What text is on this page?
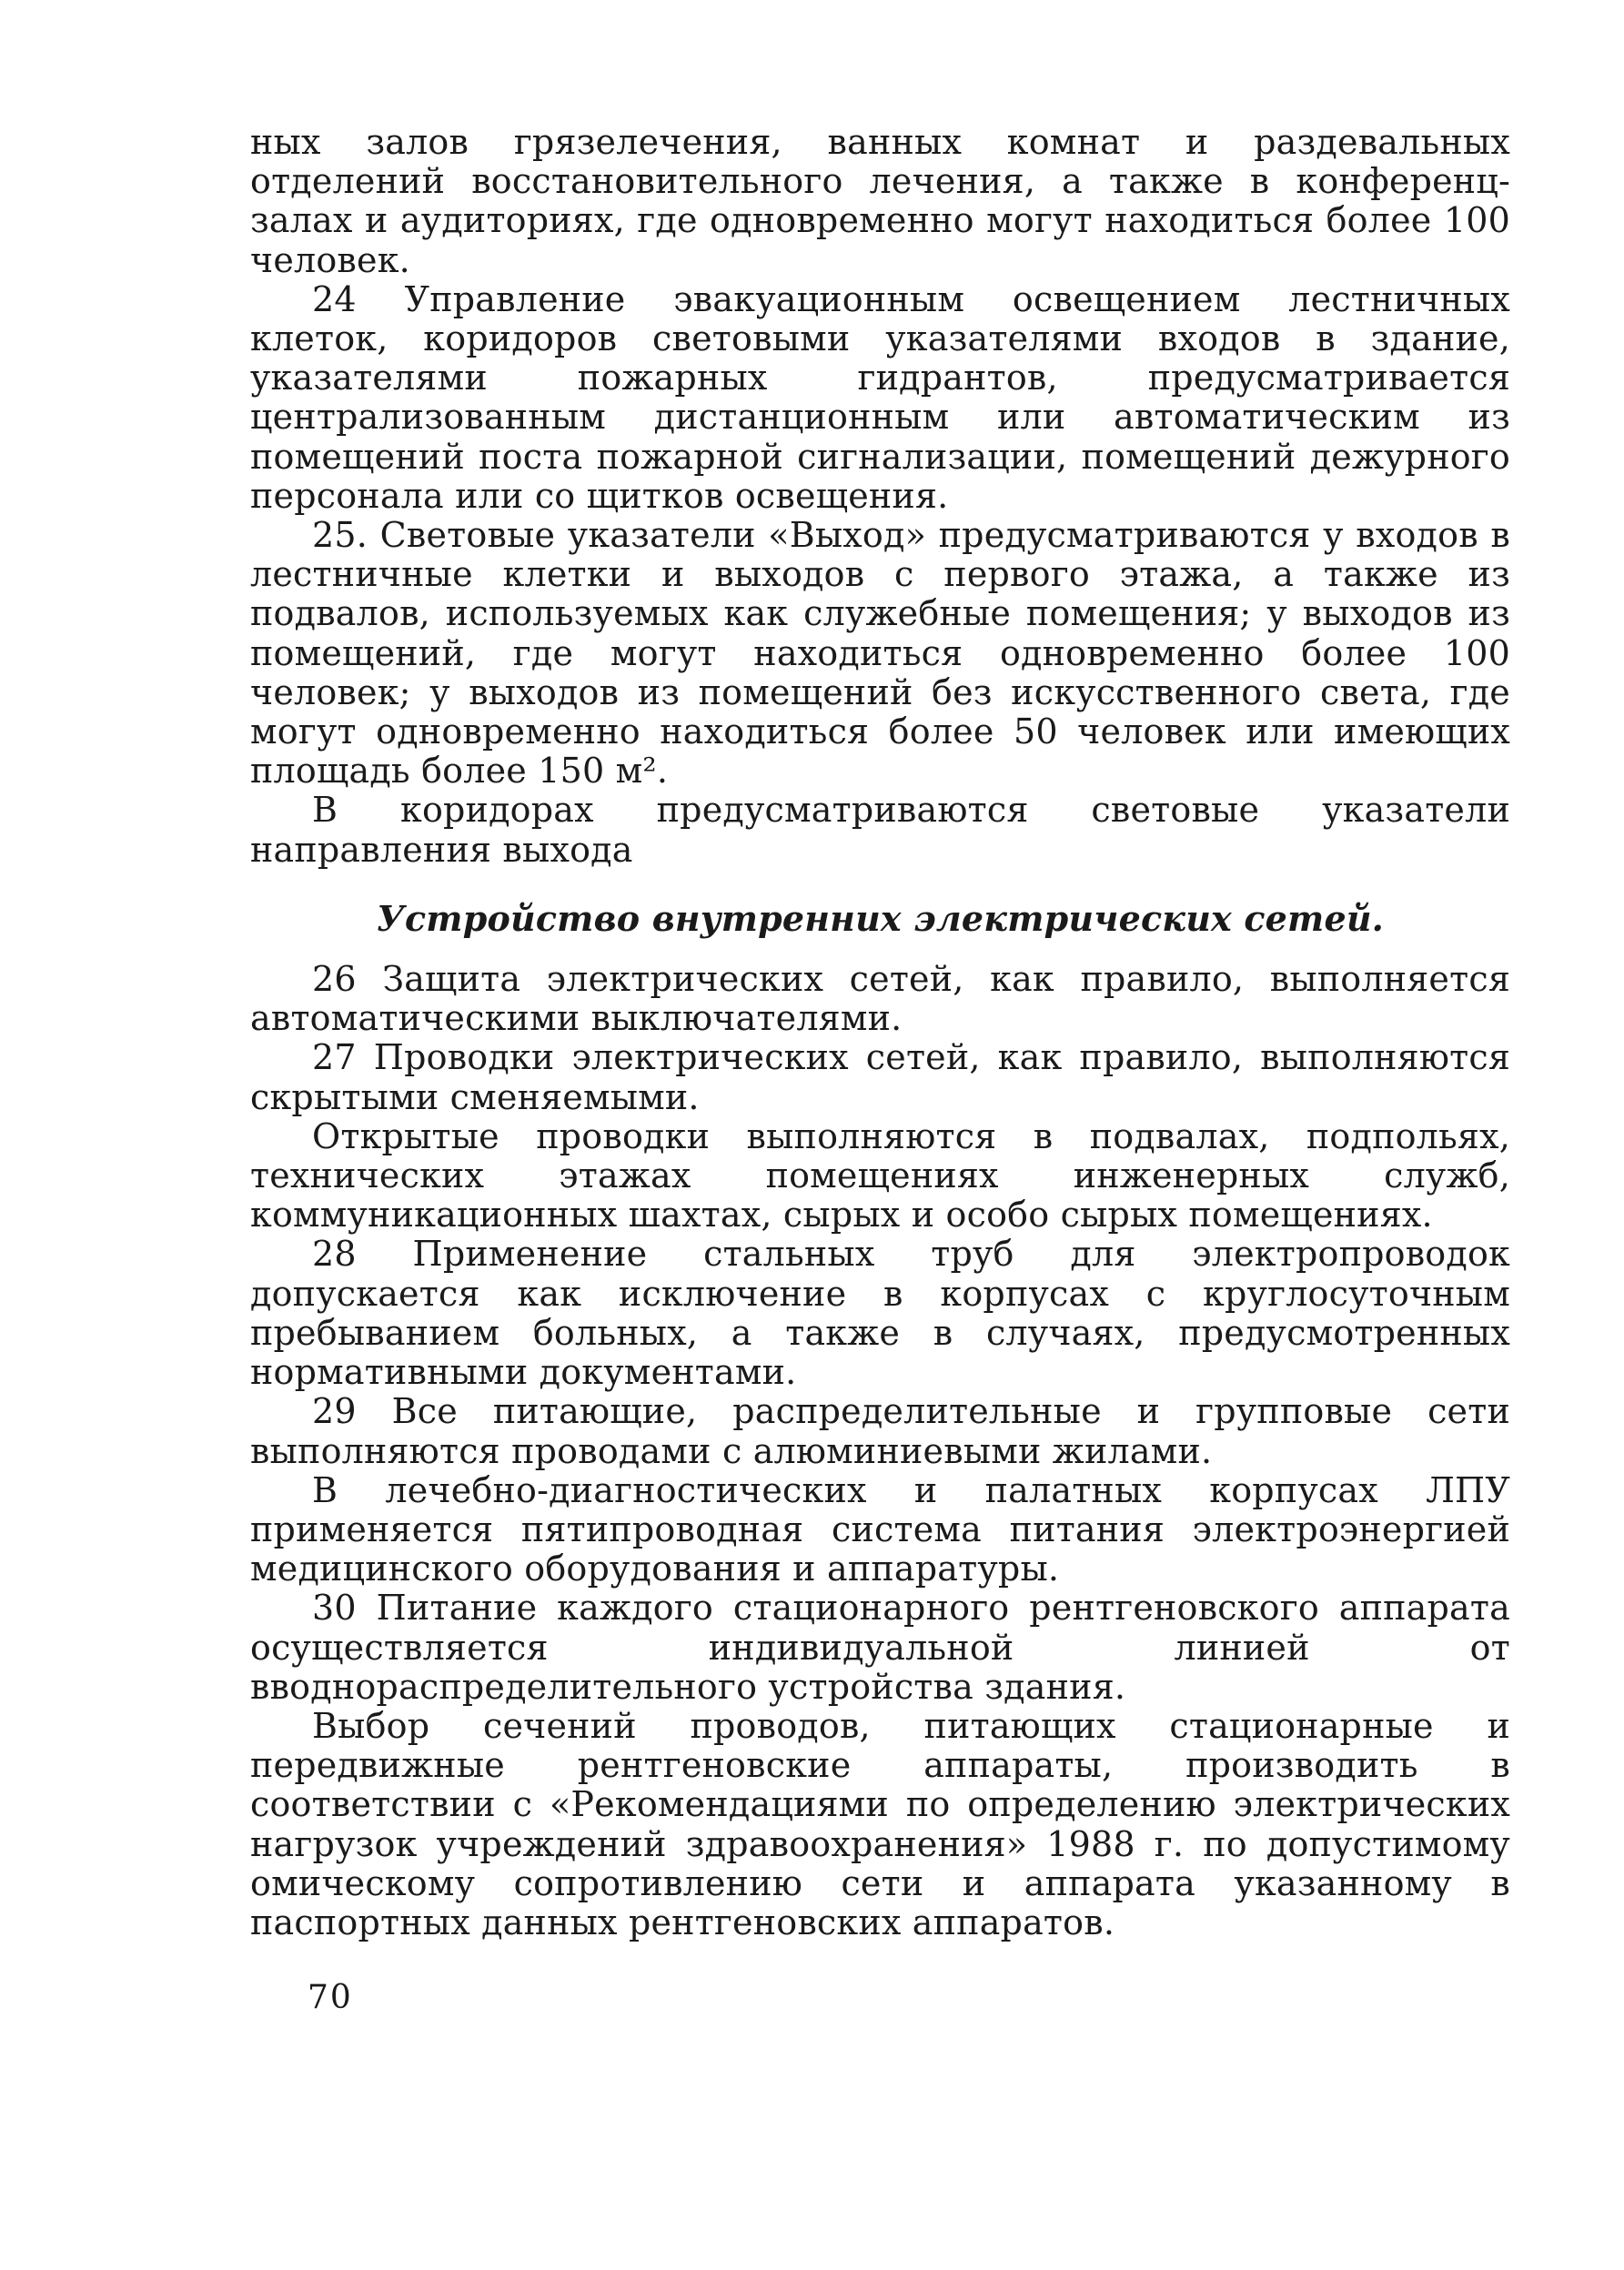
ных залов грязелечения, ванных комнат и раздевальных отделений восстановительного лечения, а также в конференц-залах и аудиториях, где одновременно могут находиться более 100 человек.

24 Управление эвакуационным освещением лестничных клеток, коридоров световыми указателями входов в здание, указателями пожарных гидрантов, предусматривается централизованным дистанционным или автоматическим из помещений поста пожарной сигнализации, помещений дежурного персонала или со щитков освещения.

25. Световые указатели «Выход» предусматриваются у входов в лестничные клетки и выходов с первого этажа, а также из подвалов, используемых как служебные помещения; у выходов из помещений, где могут находиться одновременно более 100 человек; у выходов из помещений без искусственного света, где могут одновременно находиться более 50 человек или имеющих площадь более 150 м².

В коридорах предусматриваются световые указатели направления выхода

Устройство внутренних электрических сетей.

26 Защита электрических сетей, как правило, выполняется автоматическими выключателями.

27 Проводки электрических сетей, как правило, выполняются скрытыми сменяемыми.

Открытые проводки выполняются в подвалах, подпольях, технических этажах помещениях инженерных служб, коммуникационных шахтах, сырых и особо сырых помещениях.

28 Применение стальных труб для электропроводок допускается как исключение в корпусах с круглосуточным пребыванием больных, а также в случаях, предусмотренных нормативными документами.

29 Все питающие, распределительные и групповые сети выполняются проводами с алюминиевыми жилами.

В лечебно-диагностических и палатных корпусах ЛПУ применяется пятипроводная система питания электроэнергией медицинского оборудования и аппаратуры.

30 Питание каждого стационарного рентгеновского аппарата осуществляется индивидуальной линией от вводнораспределительного устройства здания.

Выбор сечений проводов, питающих стационарные и передвижные рентгеновские аппараты, производить в соответствии с «Рекомендациями по определению электрических нагрузок учреждений здравоохранения» 1988 г. по допустимому омическому сопротивлению сети и аппарата указанному в паспортных данных рентгеновских аппаратов.

70
